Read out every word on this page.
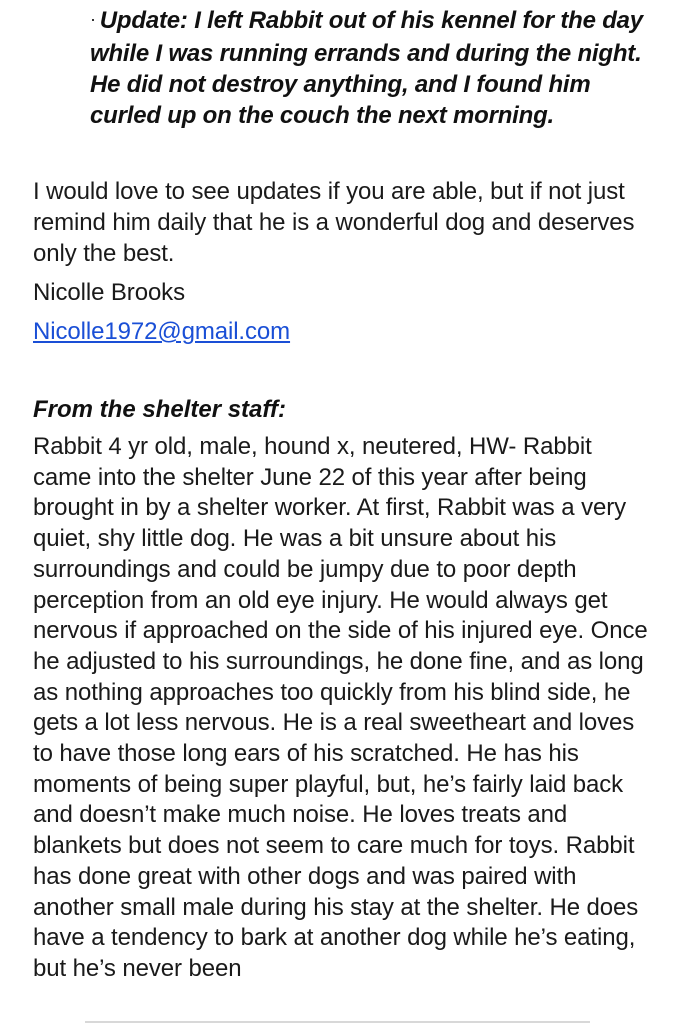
· Update: I left Rabbit out of his kennel for the day while I was running errands and during the night. He did not destroy anything, and I found him curled up on the couch the next morning.
I would love to see updates if you are able, but if not just remind him daily that he is a wonderful dog and deserves only the best.
Nicolle Brooks
Nicolle1972@gmail.com
From the shelter staff:
Rabbit 4 yr old, male, hound x, neutered, HW- Rabbit came into the shelter June 22 of this year after being brought in by a shelter worker. At first, Rabbit was a very quiet, shy little dog. He was a bit unsure about his surroundings and could be jumpy due to poor depth perception from an old eye injury. He would always get nervous if approached on the side of his injured eye. Once he adjusted to his surroundings, he done fine, and as long as nothing approaches too quickly from his blind side, he gets a lot less nervous. He is a real sweetheart and loves to have those long ears of his scratched. He has his moments of being super playful, but, he’s fairly laid back and doesn’t make much noise. He loves treats and blankets but does not seem to care much for toys. Rabbit has done great with other dogs and was paired with another small male during his stay at the shelter. He does have a tendency to bark at another dog while he’s eating, but he’s never been
